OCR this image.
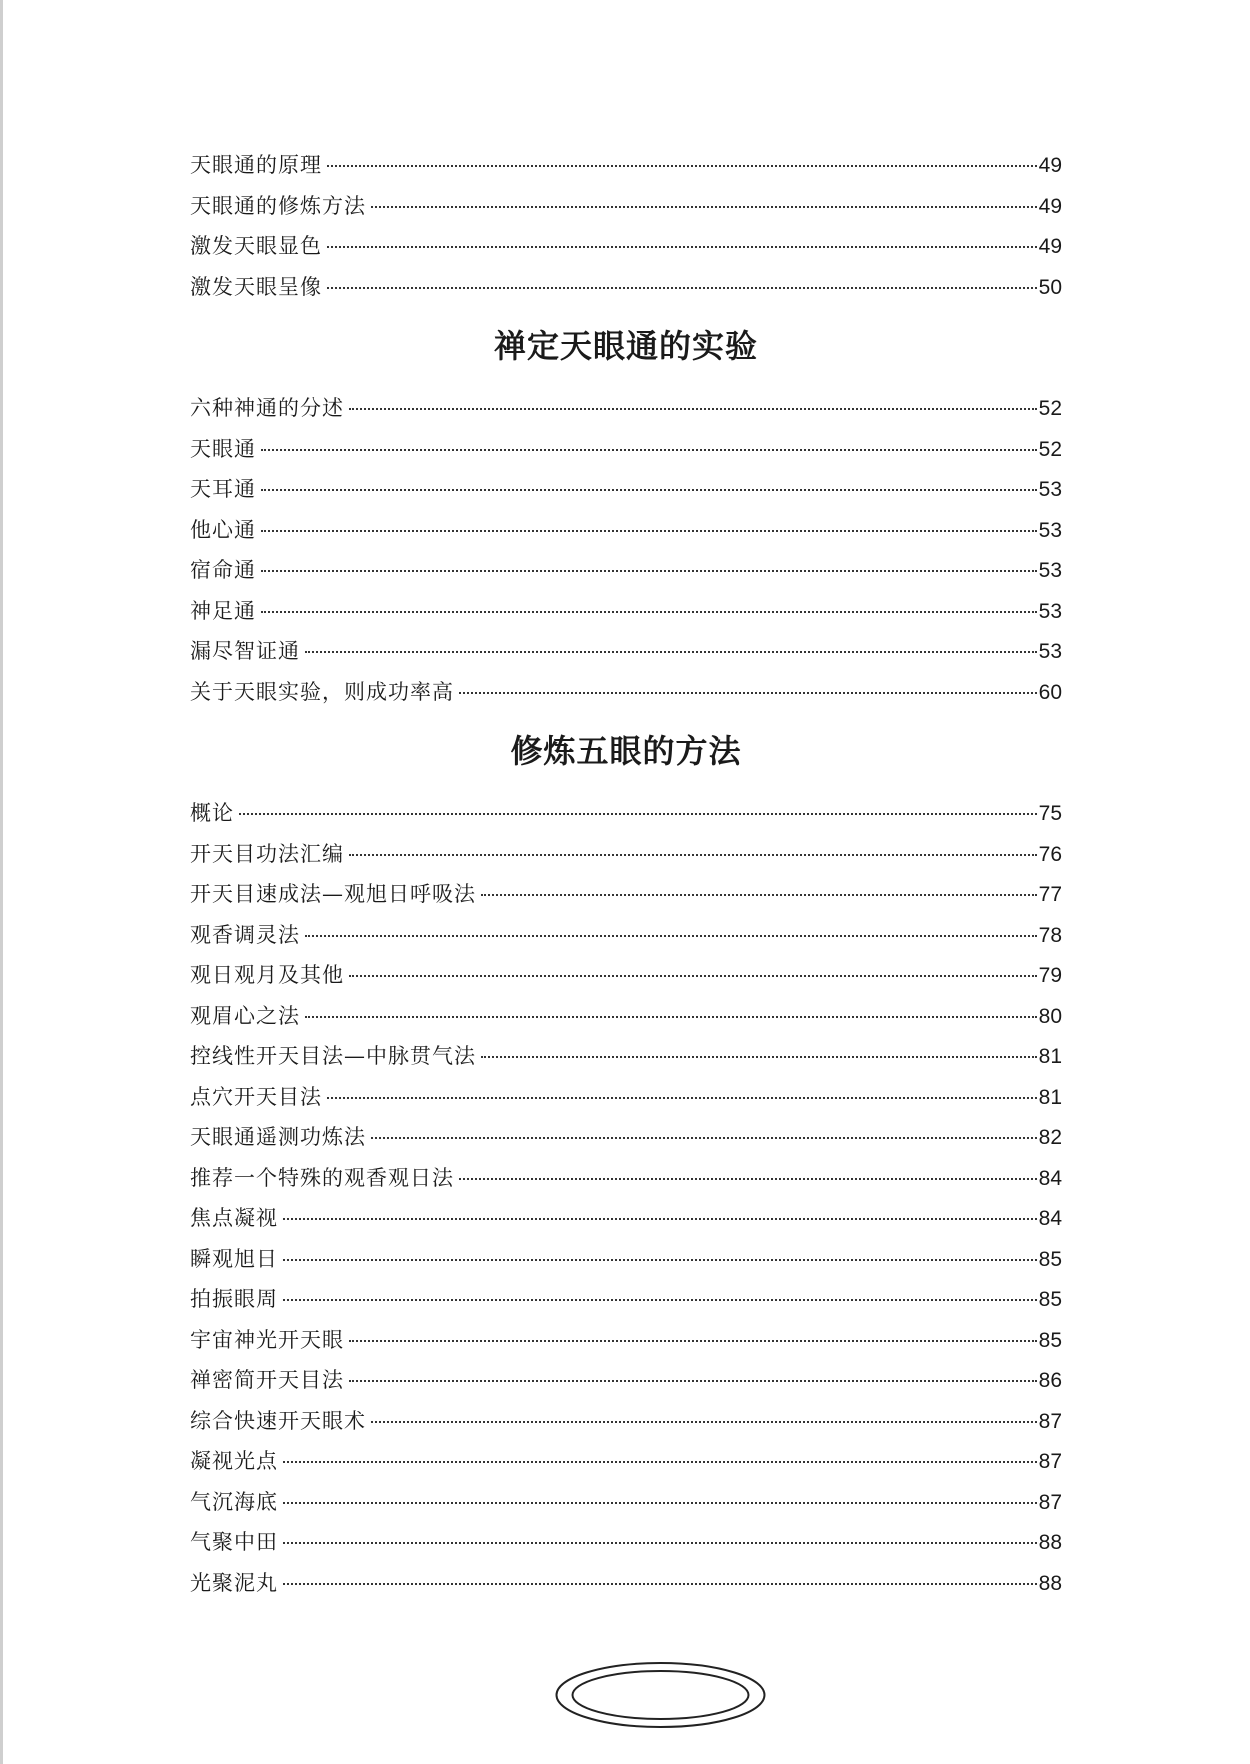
天眼通的原理	49
天眼通的修炼方法	49
激发天眼显色	49
激发天眼呈像	50
禅定天眼通的实验
六种神通的分述	52
天眼通	52
天耳通	53
他心通	53
宿命通	53
神足通	53
漏尽智证通	53
关于天眼实验，则成功率高	60
修炼五眼的方法
概论	75
开天目功法汇编	76
开天目速成法—观旭日呼吸法	77
观香调灵法	78
观日观月及其他	79
观眉心之法	80
控线性开天目法—中脉贯气法	81
点穴开天目法	81
天眼通遥测功炼法	82
推荐一个特殊的观香观日法	84
焦点凝视	84
瞬观旭日	85
拍振眼周	85
宇宙神光开天眼	85
禅密简开天目法	86
综合快速开天眼术	87
凝视光点	87
气沉海底	87
气聚中田	88
光聚泥丸	88
